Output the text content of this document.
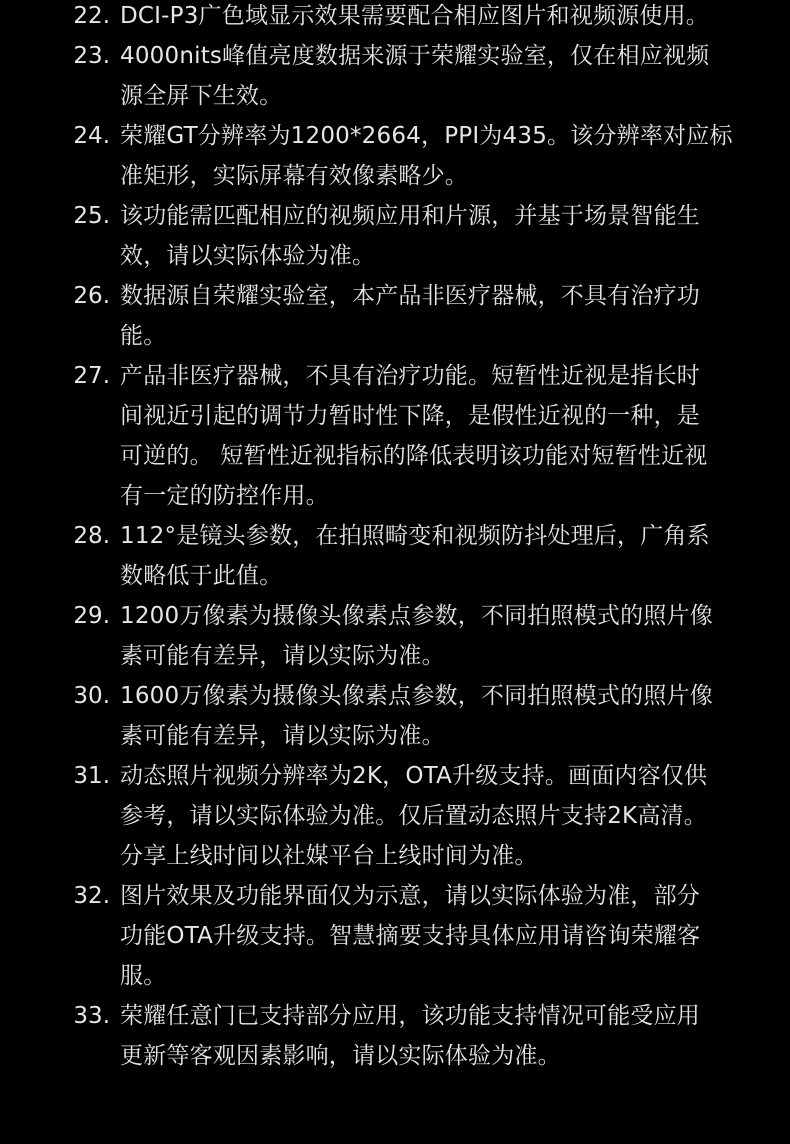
22. DCI-P3广色域显示效果需要配合相应图片和视频源使用。
23. 4000nits峰值亮度数据来源于荣耀实验室，仅在相应视频
源全屏下生效。
24. 荣耀GT分辨率为1200*2664，PPI为435。该分辨率对应标
准矩形，实际屏幕有效像素略少。
25. 该功能需匹配相应的视频应用和片源，并基于场景智能生
效，请以实际体验为准。
26. 数据源自荣耀实验室，本产品非医疗器械，不具有治疗功
能。
27. 产品非医疗器械，不具有治疗功能。短暂性近视是指长时
间视近引起的调节力暂时性下降，是假性近视的一种，是
可逆的。 短暂性近视指标的降低表明该功能对短暂性近视
有一定的防控作用。
28. 112°是镜头参数，在拍照畸变和视频防抖处理后，广角系
数略低于此值。
29. 1200万像素为摄像头像素点参数，不同拍照模式的照片像
素可能有差异，请以实际为准。
30. 1600万像素为摄像头像素点参数，不同拍照模式的照片像
素可能有差异，请以实际为准。
31. 动态照片视频分辨率为2K，OTA升级支持。画面内容仅供
参考，请以实际体验为准。仅后置动态照片支持2K高清。
分享上线时间以社媒平台上线时间为准。
32. 图片效果及功能界面仅为示意，请以实际体验为准，部分
功能OTA升级支持。智慧摘要支持具体应用请咨询荣耀客
服。
33. 荣耀任意门已支持部分应用，该功能支持情况可能受应用
更新等客观因素影响，请以实际体验为准。
